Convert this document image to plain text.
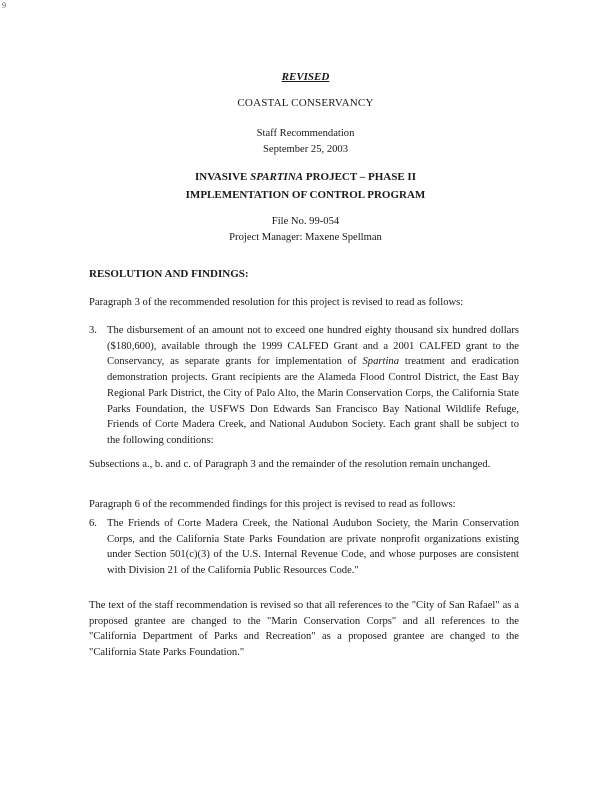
9
REVISED
COASTAL CONSERVANCY
Staff Recommendation
September 25, 2003
INVASIVE SPARTINA PROJECT – PHASE II
IMPLEMENTATION OF CONTROL PROGRAM
File No. 99-054
Project Manager: Maxene Spellman
RESOLUTION AND FINDINGS:
Paragraph 3 of the recommended resolution for this project is revised to read as follows:
3. The disbursement of an amount not to exceed one hundred eighty thousand six hundred dollars ($180,600), available through the 1999 CALFED Grant and a 2001 CALFED grant to the Conservancy, as separate grants for implementation of Spartina treatment and eradication demonstration projects. Grant recipients are the Alameda Flood Control District, the East Bay Regional Park District, the City of Palo Alto, the Marin Conservation Corps, the California State Parks Foundation, the USFWS Don Edwards San Francisco Bay National Wildlife Refuge, Friends of Corte Madera Creek, and National Audubon Society. Each grant shall be subject to the following conditions:
Subsections a., b. and c. of Paragraph 3 and the remainder of the resolution remain unchanged.
Paragraph 6 of the recommended findings for this project is revised to read as follows:
6. The Friends of Corte Madera Creek, the National Audubon Society, the Marin Conservation Corps, and the California State Parks Foundation are private nonprofit organizations existing under Section 501(c)(3) of the U.S. Internal Revenue Code, and whose purposes are consistent with Division 21 of the California Public Resources Code."
The text of the staff recommendation is revised so that all references to the "City of San Rafael" as a proposed grantee are changed to the "Marin Conservation Corps" and all references to the "California Department of Parks and Recreation" as a proposed grantee are changed to the "California State Parks Foundation."
